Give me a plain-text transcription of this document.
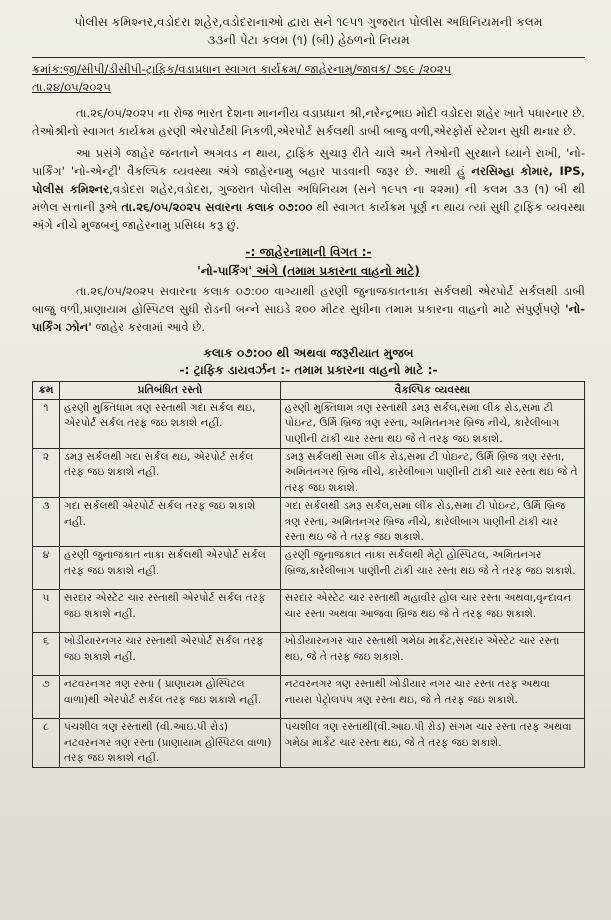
પોલીસ કમિશ્નર,વડોદરા શહેર,વડોદરાનાઓ દ્વારા સને ૧૯૫૧ ગુજરાત પોલીસ અધિનિયમની કલમ
૩૩ની પેટા કલમ (૧) (બી) હેઠળનો નિયમ
ક્રમાંક:જી/સીપી/ડીસીપી-ટ્રાફિક/વડાપ્રધાન સ્વાગત કાર્યક્રમ/ જાહેરનામુ/જાવક/ ૭૬૯ /૨૦૨૫
તા.૨૪/૦૫/૨૦૨૫

તા.૨૬/૦૫/૨૦૨૫ ના રોજ ભારત દેશના માનનીય વડાપ્રધાન શ્રી,નરેન્દ્રભાઇ મોદી વડોદરા શહેર ખાતે પધારનાર છે. તેઓશ્રીનો સ્વાગત કાર્યક્રમ હરણી એરપોર્ટથી નિકળી,એરપોર્ટ સર્કલથી ડાબી બાજુ વળી,એરફોર્સ સ્ટેશન સુધી થનાર છે.

આ પ્રસંગે જાહેર જનતાને અગવડ ન થાય, ટ્રાફિક સુચારૂ રીતે ચાલે અને તેઓની સુરક્ષાને ધ્યાને રાખી, 'નો-પાર્કિંગ' 'નો-એન્ટ્રી' વૈકલ્પિક વ્યવસ્થા અંગે જાહેરનામુ બહાર પાડવાની જરૂર છે. આથી હું નરસિમ્હા કોમાર, IPS, પોલીસ કમિશ્નર,વડોદરા શહેર,વડોદરા, ગુજરાત પોલીસ અધિનિયમ (સને ૧૯૫૧ ના ૨૨મા) ની કલમ ૩૩ (૧) બી થી મળેલ સત્તાની રૂએ તા.૨૬/૦૫/૨૦૨૫ સવારના કલાક ૦૭:૦૦ થી સ્વાગત કાર્યક્રમ પૂર્ણ ન થાય ત્યાં સુધી ટ્રાફિક વ્યવસ્થા અંગે નીચે મુજબનું જાહેરનામુ પ્રસિધ્ધ કરૂ છું.

-: જાહેરનામાની વિગત :-
'નો-પાર્કિંગ' અંગે (તમામ પ્રકારના વાહનો માટે)

તા.૨૬/૦૫/૨૦૨૫ સવારના કલાક ૦૭:૦૦ વાગ્યાથી હરણી જુનાજકાતનાકા સર્કલથી એરપોર્ટ સર્કલથી ડાબી બાજુ વળી,પ્રાણાયામ હોસ્પિટલ સુધી રોડની બન્ને સાઇડે ૨૦૦ મીટર સુધીના તમામ પ્રકારના વાહનો માટે સંપુર્ણપણે 'નો-પાર્કિંગ ઝોન' જાહેર કરવામાં આવે છે.

કલાક ૦૭:૦૦ થી અથવા જરૂરીયાત મુજબ
-: ટ્રાફિક ડાયવર્ઝન :- તમામ પ્રકારના વાહનો માટે :-
ક્રમ	પ્રતિબંધિત રસ્તો	વૈકલ્પિક વ્યવસ્થા
૧	હરણી મુક્તિધામ ત્રણ રસ્તાથી ગદા સર્કલ થઇ, એરપોર્ટ સર્કલ તરફ જઇ શકાશે નહીં.	હરણી મુક્તિધામ ત્રણ રસ્તાથી ડમરૂ સર્કલ,સમા લીંક રોડ,સમા ટી પોઇન્ટ, ઉર્મિ બ્રિજ ત્રણ રસ્તા, અમિતનગર બ્રિજ નીચે, કારેલીબાગ પાણીની ટાંકી ચાર રસ્તા થઇ જે તે તરફ જઇ શકાશે.
૨	ડમરૂ સર્કલથી ગદા સર્કલ થઇ, એરપોર્ટ સર્કલ તરફ જઇ શકાશે નહીં.	ડમરૂ સર્કલથી સમા લીંક રોડ,સમા ટી પોઇન્ટ, ઉર્મિ બ્રિજ ત્રણ રસ્તા, અમિતનગર બ્રિજ નીચે, કારેલીબાગ પાણીની ટાંકી ચાર રસ્તા થઇ જે તે તરફ જઇ શકાશે.
૩	ગદા સર્કલથી એરપોર્ટ સર્કલ તરફ જઇ શકાશે નહીં.	ગદા સર્કલથી ડમરૂ સર્કલ,સમા લીંક રોડ,સમા ટી પોઇન્ટ, ઉર્મિ બ્રિજ ત્રણ રસ્તા, અમિતનગર બ્રિજ નીચે, કારેલીબાગ પાણીની ટાંકી ચાર રસ્તા થઇ જે તે તરફ જઇ શકાશે.
૪	હરણી જુનાજકાત નાકા સર્કલથી એરપોર્ટ સર્કલ તરફ જઇ શકાશે નહીં.	હરણી જુનાજકાત નાકા સર્કલથી મેટ્રો હોસ્પિટલ, અમિતનગર બ્રિજ,કારેલીબાગ પાણીની ટાંકી ચાર રસ્તા થઇ જે તે તરફ જઇ શકાશે.
૫	સરદાર એસ્ટેટ ચાર રસ્તાથી એરપોર્ટ સર્કલ તરફ જઇ શકાશે નહીં.	સરદાર એસ્ટેટ ચાર રસ્તાથી મહાવીર હોલ ચાર રસ્તા અથવા,વૃન્દાવન ચાર રસ્તા અથવા આજવા બ્રિજ થઇ જે તે તરફ જઇ શકાશે.
૬	ખોડીયારનગર ચાર રસ્તાથી એરપોર્ટ સર્કલ તરફ જઇ શકાશે નહીં.	ખોડીયારનગર ચાર રસ્તાથી ગમેઠા માર્કેટ,સરદાર એસ્ટેટ ચાર રસ્તા થઇ, જે તે તરફ જઇ શકાશે.
૭	નટવરનગર ત્રણ રસ્તા ( પ્રાણાયમ હોસ્પિટલ વાળા)થી એરપોર્ટ સર્કલ તરફ જઇ શકાશે નહીં.	નટવરનગર ત્રણ રસ્તાથી ખોડીયાર નગર ચાર રસ્તા તરફ અથવા નાયરા પેટ્રોલપંપ ત્રણ રસ્તા થઇ, જે તે તરફ જઇ શકાશે.
૮	પંચશીલ ત્રણ રસ્તાથી (વી.આઇ.પી રોડ) નટવરનગર ત્રણ રસ્તા (પ્રાણાયામ હોસ્પિટલ વાળા) તરફ જઇ શકાશે નહીં.	પંચશીલ ત્રણ રસ્તાથી(વી.આઇ.પી રોડ) સંગમ ચાર રસ્તા તરફ અથવા ગમેઠા માર્કેટ ચાર રસ્તા થઇ, જે તે તરફ જઇ શકાશે.
